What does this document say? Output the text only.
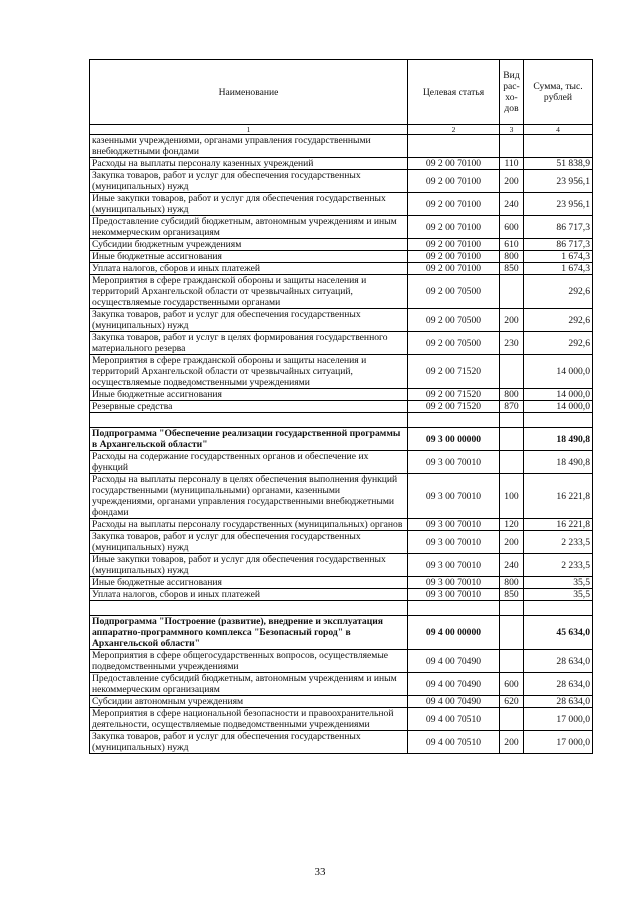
Наименование	Целевая статья	Вид рас- хо- дов	Сумма, тыс. рублей
1	2	3	4
казенными учреждениями, органами управления государственными внебюджетными фондами			
Расходы на выплаты персоналу казенных учреждений	09 2 00 70100	110	51 838,9
Закупка товаров, работ и услуг для обеспечения государственных (муниципальных) нужд	09 2 00 70100	200	23 956,1
Иные закупки товаров, работ и услуг для обеспечения государственных (муниципальных) нужд	09 2 00 70100	240	23 956,1
Предоставление субсидий бюджетным, автономным учреждениям и иным некоммерческим организациям	09 2 00 70100	600	86 717,3
Субсидии бюджетным учреждениям	09 2 00 70100	610	86 717,3
Иные бюджетные ассигнования	09 2 00 70100	800	1 674,3
Уплата налогов, сборов и иных платежей	09 2 00 70100	850	1 674,3
Мероприятия в сфере гражданской обороны и защиты населения и территорий Архангельской области от чрезвычайных ситуаций, осуществляемые государственными органами	09 2 00 70500		292,6
Закупка товаров, работ и услуг для обеспечения государственных (муниципальных) нужд	09 2 00 70500	200	292,6
Закупка товаров, работ и услуг в целях формирования государственного материального резерва	09 2 00 70500	230	292,6
Мероприятия в сфере гражданской обороны и защиты населения и территорий Архангельской области от чрезвычайных ситуаций, осуществляемые подведомственными учреждениями	09 2 00 71520		14 000,0
Иные бюджетные ассигнования	09 2 00 71520	800	14 000,0
Резервные средства	09 2 00 71520	870	14 000,0

Подпрограмма "Обеспечение реализации государственной программы в Архангельской области"	09 3 00 00000		18 490,8
Расходы на содержание государственных органов и обеспечение их функций	09 3 00 70010		18 490,8
Расходы на выплаты персоналу в целях обеспечения выполнения функций государственными (муниципальными) органами, казенными учреждениями, органами управления государственными внебюджетными фондами	09 3 00 70010	100	16 221,8
Расходы на выплаты персоналу государственных (муниципальных) органов	09 3 00 70010	120	16 221,8
Закупка товаров, работ и услуг для обеспечения государственных (муниципальных) нужд	09 3 00 70010	200	2 233,5
Иные закупки товаров, работ и услуг для обеспечения государственных (муниципальных) нужд	09 3 00 70010	240	2 233,5
Иные бюджетные ассигнования	09 3 00 70010	800	35,5
Уплата налогов, сборов и иных платежей	09 3 00 70010	850	35,5

Подпрограмма "Построение (развитие), внедрение и эксплуатация аппаратно-программного комплекса "Безопасный город" в Архангельской области"	09 4 00 00000		45 634,0
Мероприятия в сфере общегосударственных вопросов, осуществляемые подведомственными учреждениями	09 4 00 70490		28 634,0
Предоставление субсидий бюджетным, автономным учреждениям и иным некоммерческим организациям	09 4 00 70490	600	28 634,0
Субсидии автономным учреждениям	09 4 00 70490	620	28 634,0
Мероприятия в сфере национальной безопасности и правоохранительной деятельности, осуществляемые подведомственными учреждениями	09 4 00 70510		17 000,0
Закупка товаров, работ и услуг для обеспечения государственных (муниципальных) нужд	09 4 00 70510	200	17 000,0
33
